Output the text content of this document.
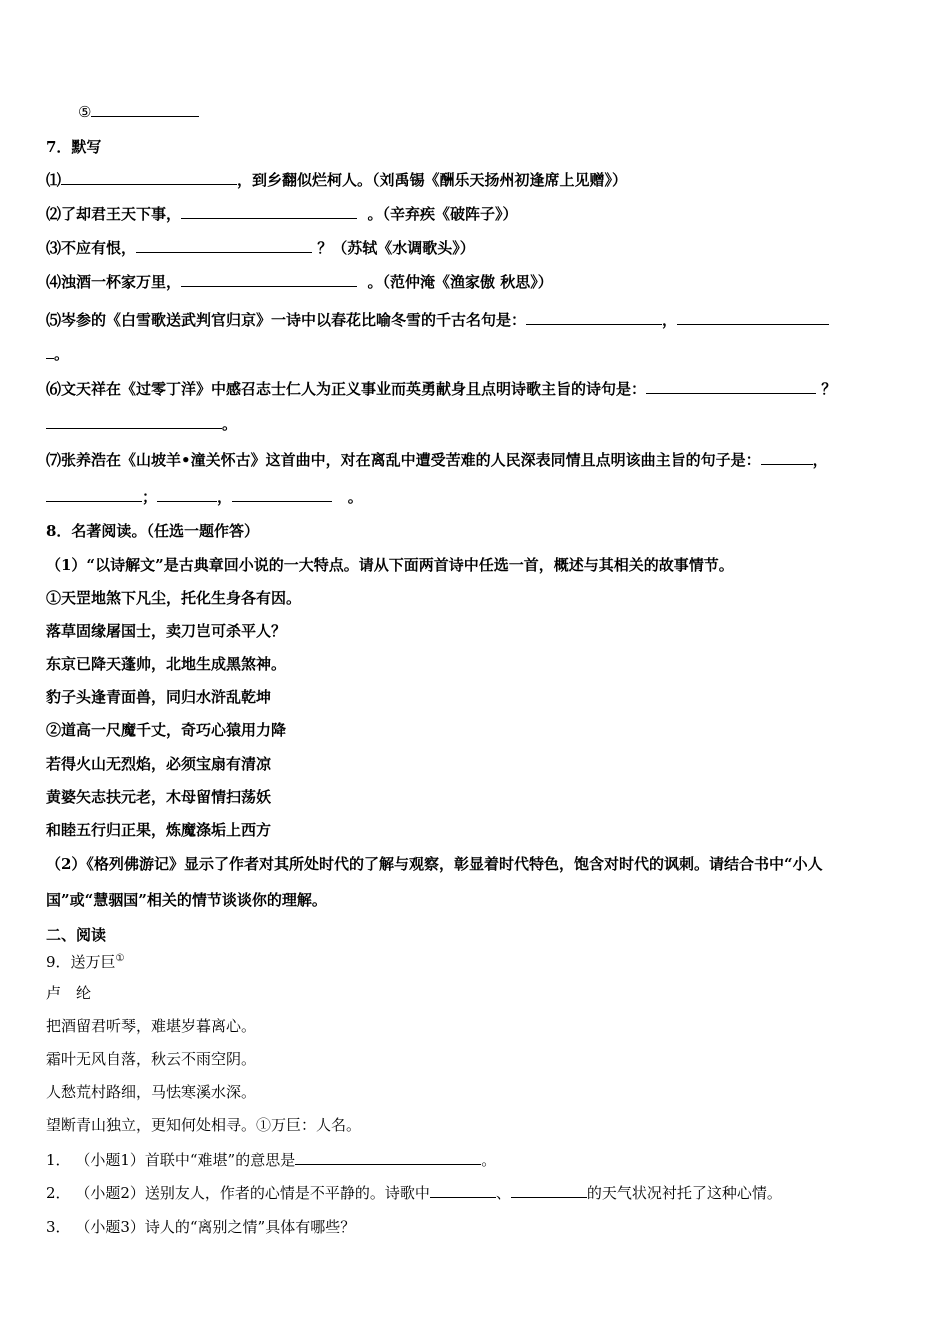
⑤
7．默写
⑴	，到乡翻似烂柯人。（刘禹锡《酬乐天扬州初逢席上见赠》）
⑵了却君王天下事，	。（辛弃疾《破阵子》）
⑶不应有恨，	？（苏轼《水调歌头》）
⑷浊酒一杯家万里，	。（范仲淹《渔家傲 秋思》）
⑸岑参的《白雪歌送武判官归京》一诗中以春花比喻冬雪的千古名句是：	，
。
⑹文天祥在《过零丁洋》中感召志士仁人为正义事业而英勇献身且点明诗歌主旨的诗句是：	？
。
⑺张养浩在《山坡羊•潼关怀古》这首曲中，对在离乱中遭受苦难的人民深表同情且点明该曲主旨的句子是：	，
；	，	。
8．名著阅读。（任选一题作答）
（1）“以诗解文”是古典章回小说的一大特点。请从下面两首诗中任选一首，概述与其相关的故事情节。
①天罡地煞下凡尘，托化生身各有因。
落草固缘屠国士，卖刀岂可杀平人？
东京已降天蓬帅，北地生成黑煞神。
豹子头逢青面兽，同归水浒乱乾坤
②道高一尺魔千丈，奇巧心猿用力降
若得火山无烈焰，必须宝扇有清凉
黄婆矢志扶元老，木母留情扫荡妖
和睦五行归正果，炼魔涤垢上西方
（2）《格列佛游记》显示了作者对其所处时代的了解与观察，彰显着时代特色，饱含对时代的讽刺。请结合书中“小人
国”或“慧骃国”相关的情节谈谈你的理解。
二、阅读
9．送万巨①
卢　纶
把酒留君听琴，难堪岁暮离心。
霜叶无风自落，秋云不雨空阴。
人愁荒村路细，马怯寒溪水深。
望断青山独立，更知何处相寻。①万巨：人名。
1． （小题1）首联中“难堪”的意思是	。
2． （小题2）送别友人，作者的心情是不平静的。诗歌中	、	的天气状况衬托了这种心情。
3． （小题3）诗人的“离别之情”具体有哪些？
